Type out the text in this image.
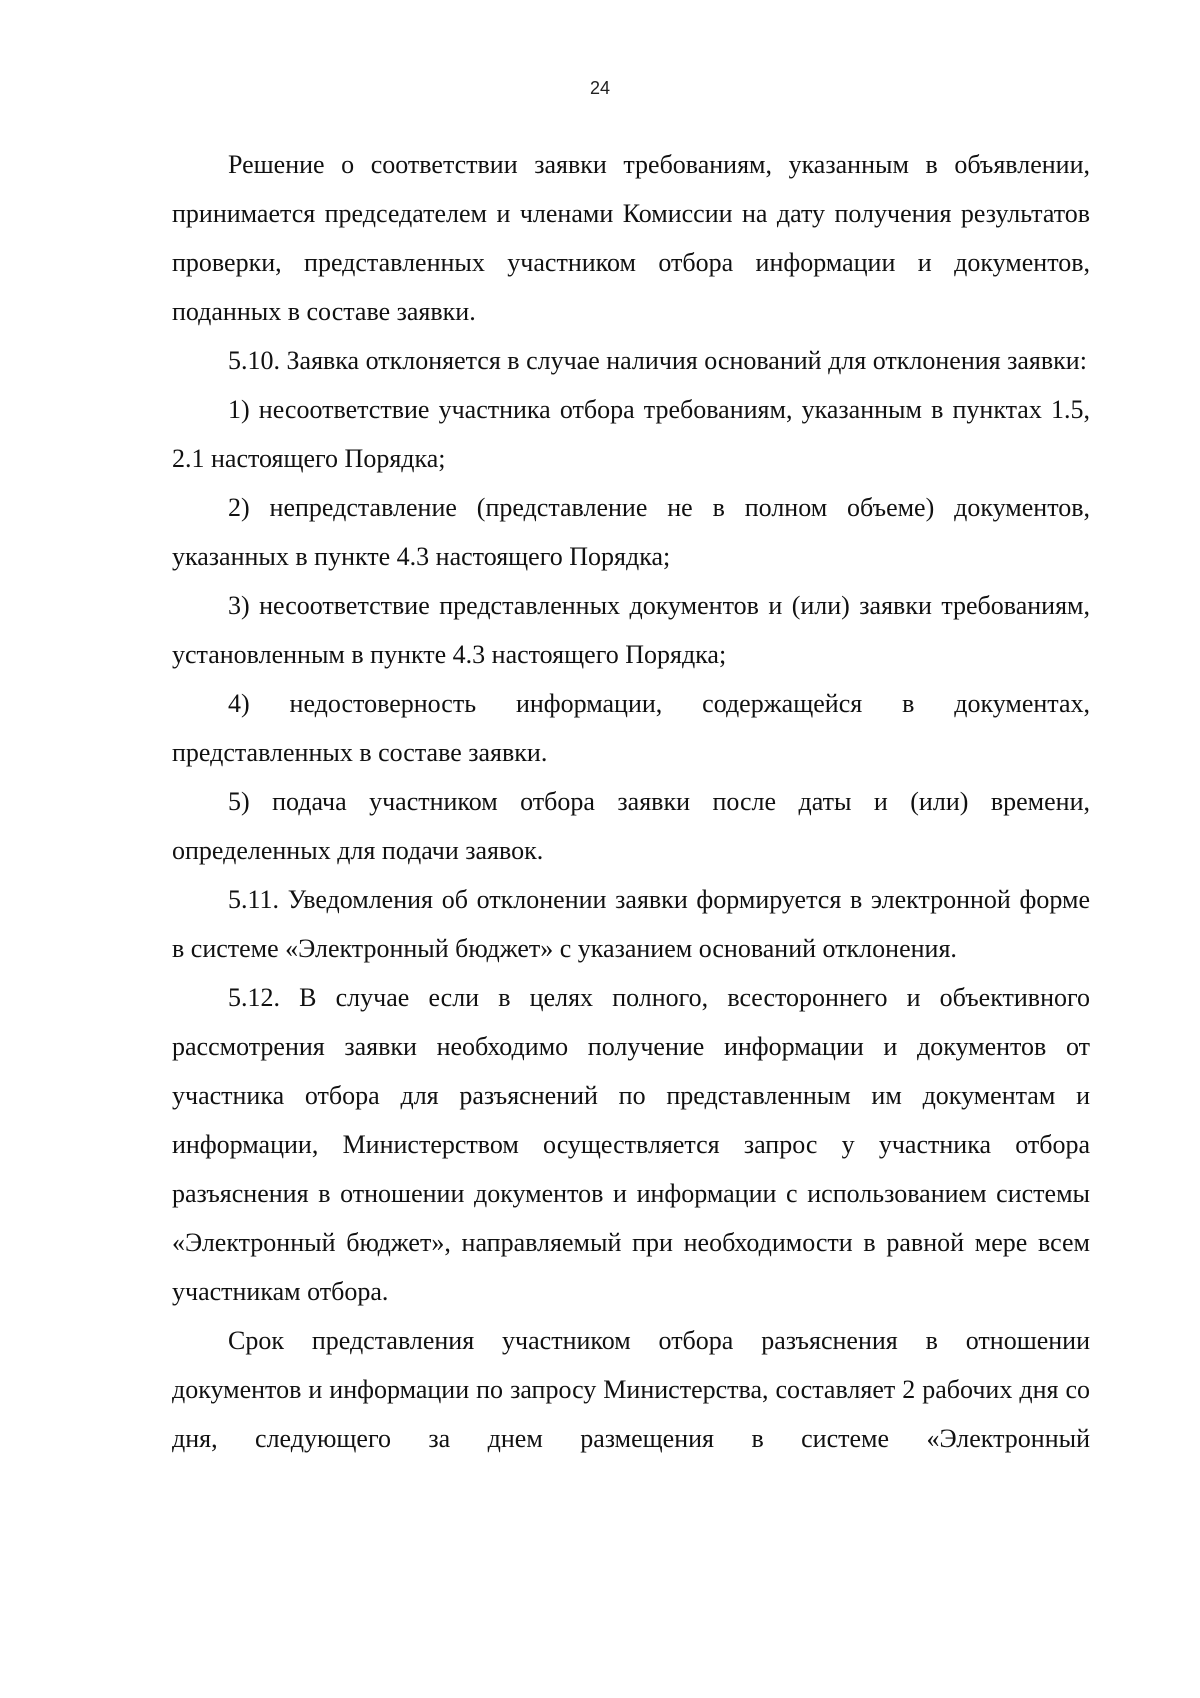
24

Решение о соответствии заявки требованиям, указанным в объявлении, принимается председателем и членами Комиссии на дату получения результатов проверки, представленных участником отбора информации и документов, поданных в составе заявки.

5.10. Заявка отклоняется в случае наличия оснований для отклонения заявки:

1) несоответствие участника отбора требованиям, указанным в пунктах 1.5, 2.1 настоящего Порядка;

2) непредставление (представление не в полном объеме) документов, указанных в пункте 4.3 настоящего Порядка;

3) несоответствие представленных документов и (или) заявки требованиям, установленным в пункте 4.3 настоящего Порядка;

4) недостоверность информации, содержащейся в документах, представленных в составе заявки.

5) подача участником отбора заявки после даты и (или) времени, определенных для подачи заявок.

5.11. Уведомления об отклонении заявки формируется в электронной форме в системе «Электронный бюджет» с указанием оснований отклонения.

5.12. В случае если в целях полного, всестороннего и объективного рассмотрения заявки необходимо получение информации и документов от участника отбора для разъяснений по представленным им документам и информации, Министерством осуществляется запрос у участника отбора разъяснения в отношении документов и информации с использованием системы «Электронный бюджет», направляемый при необходимости в равной мере всем участникам отбора.

Срок представления участником отбора разъяснения в отношении документов и информации по запросу Министерства, составляет 2 рабочих дня со дня, следующего за днем размещения в системе «Электронный
